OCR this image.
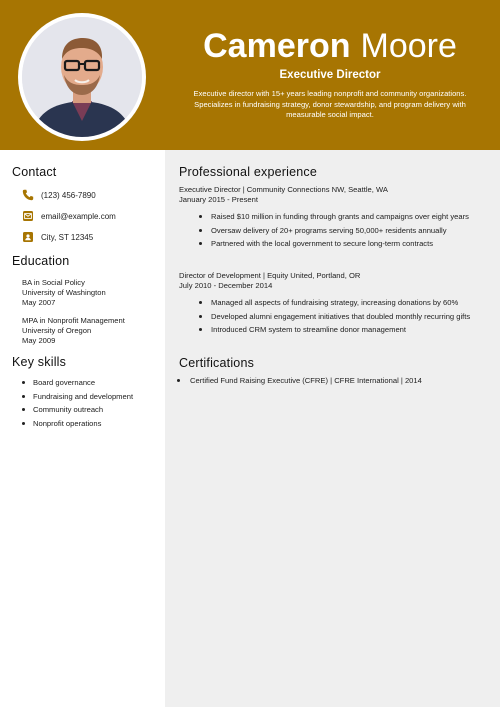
Cameron Moore
Executive Director
Executive director with 15+ years leading nonprofit and community organizations. Specializes in fundraising strategy, donor stewardship, and program delivery with measurable social impact.
Contact
(123) 456-7890
email@example.com
City, ST 12345
Education
BA in Social Policy
University of Washington
May 2007
MPA in Nonprofit Management
University of Oregon
May 2009
Key skills
Board governance
Fundraising and development
Community outreach
Nonprofit operations
Professional experience
Executive Director | Community Connections NW, Seattle, WA
January 2015 - Present
Raised $10 million in funding through grants and campaigns over eight years
Oversaw delivery of 20+ programs serving 50,000+ residents annually
Partnered with the local government to secure long-term contracts
Director of Development | Equity United, Portland, OR
July 2010 - December 2014
Managed all aspects of fundraising strategy, increasing donations by 60%
Developed alumni engagement initiatives that doubled monthly recurring gifts
Introduced CRM system to streamline donor management
Certifications
Certified Fund Raising Executive (CFRE) | CFRE International | 2014
